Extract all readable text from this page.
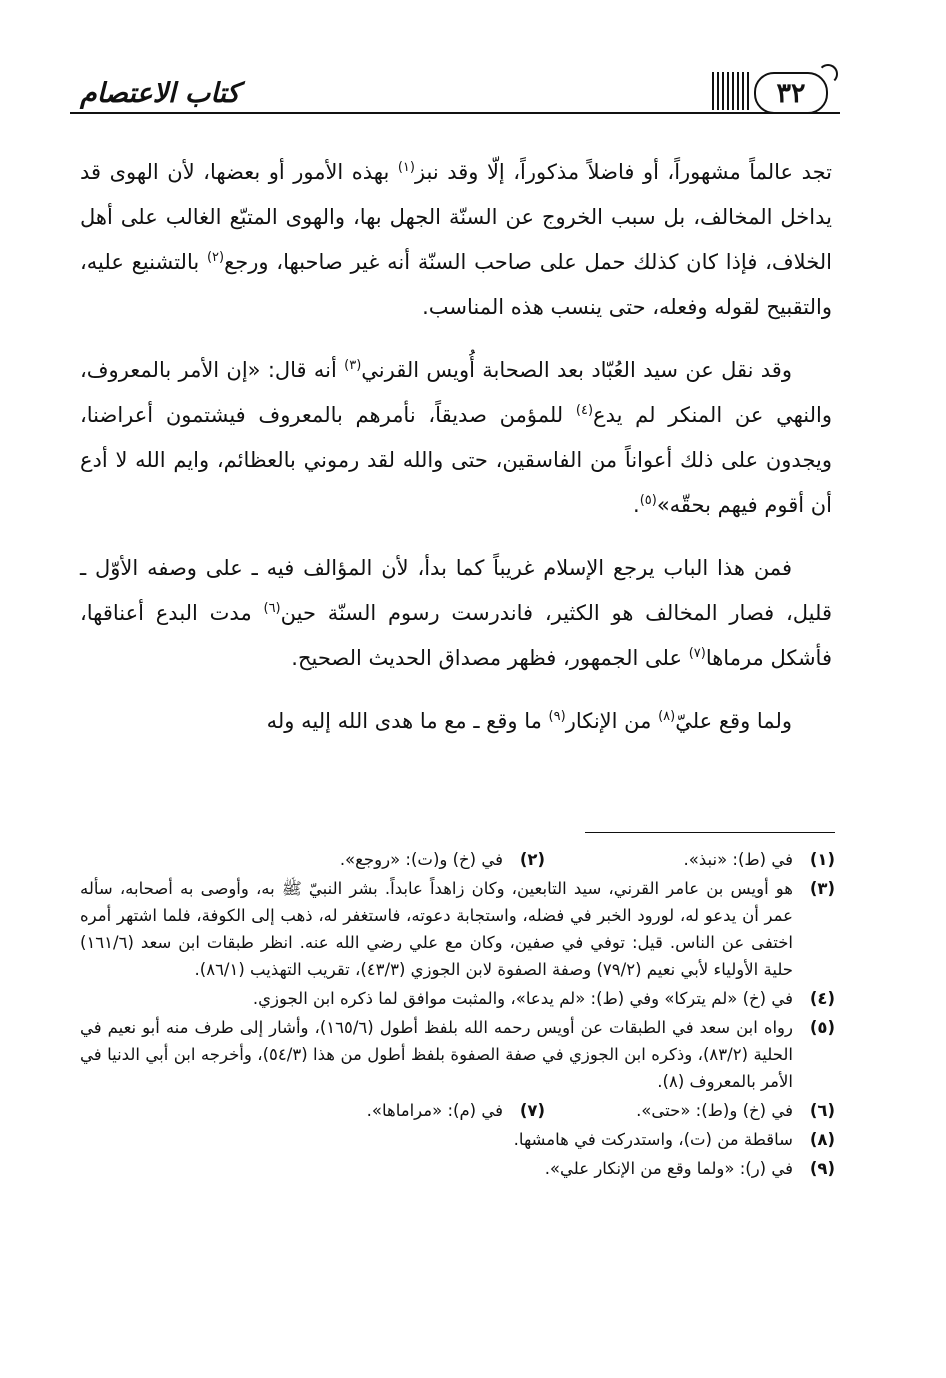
كتاب الاعتصام	٣٢

تجد عالماً مشهوراً، أو فاضلاً مذكوراً، إلّا وقد نبز$^{(١)}$ بهذه الأمور أو بعضها، لأن الهوى قد يداخل المخالف، بل سبب الخروج عن السنّة الجهل بها، والهوى المتبّع الغالب على أهل الخلاف، فإذا كان كذلك حمل على صاحب السنّة أنه غير صاحبها، ورجع$^{(٢)}$ بالتشنيع عليه، والتقبيح لقوله وفعله، حتى ينسب هذه المناسب.

وقد نقل عن سيد العُبّاد بعد الصحابة أُويس القرني$^{(٣)}$ أنه قال: «إن الأمر بالمعروف، والنهي عن المنكر لم يدع$^{(٤)}$ للمؤمن صديقاً، نأمرهم بالمعروف فيشتمون أعراضنا، ويجدون على ذلك أعواناً من الفاسقين، حتى والله لقد رموني بالعظائم، وايم الله لا أدع أن أقوم فيهم بحقّه»$^{(٥)}$.

فمن هذا الباب يرجع الإسلام غريباً كما بدأ، لأن المؤالف فيه ـ على وصفه الأوّل ـ قليل، فصار المخالف هو الكثير، فاندرست رسوم السنّة حين$^{(٦)}$ مدت البدع أعناقها، فأشكل مرماها$^{(٧)}$ على الجمهور، فظهر مصداق الحديث الصحيح.

ولما وقع عليّ$^{(٨)}$ من الإنكار$^{(٩)}$ ما وقع ـ مع ما هدى الله إليه وله

(١)
في (ط): «نبذ».
(٢)
في (خ) و(ت): «روجع».
(٣)
هو أويس بن عامر القرني، سيد التابعين، وكان زاهداً عابداً. بشر النبيّ ﷺ به، وأوصى به أصحابه، سأله عمر أن يدعو له، لورود الخبر في فضله، واستجابة دعوته، فاستغفر له، ذهب إلى الكوفة، فلما اشتهر أمره اختفى عن الناس. قيل: توفي في صفين، وكان مع علي رضي الله عنه. انظر طبقات ابن سعد (١٦١/٦) حلية الأولياء لأبي نعيم (٧٩/٢) وصفة الصفوة لابن الجوزي (٤٣/٣)، تقريب التهذيب (٨٦/١).
(٤)
في (خ) «لم يتركا» وفي (ط): «لم يدعا»، والمثبت موافق لما ذكره ابن الجوزي.
(٥)
رواه ابن سعد في الطبقات عن أويس رحمه الله بلفظ أطول (١٦٥/٦)، وأشار إلى طرف منه أبو نعيم في الحلية (٨٣/٢)، وذكره ابن الجوزي في صفة الصفوة بلفظ أطول من هذا (٥٤/٣)، وأخرجه ابن أبي الدنيا في الأمر بالمعروف (٨).
(٦)
في (خ) و(ط): «حتى».
(٧)
في (م): «مراماها».
(٨)
ساقطة من (ت)، واستدركت في هامشها.
(٩)
في (ر): «ولما وقع من الإنكار علي».
